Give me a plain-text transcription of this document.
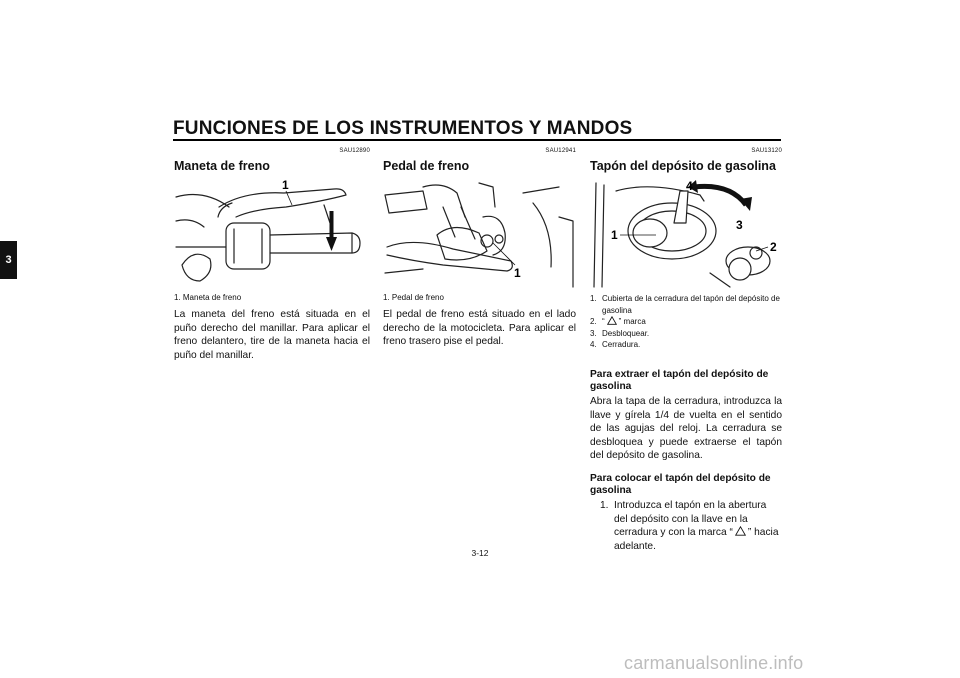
FUNCIONES DE LOS INSTRUMENTOS Y MANDOS
3
SAU12890
Maneta de freno
1
1. Maneta de freno
La maneta del freno está situada en el puño derecho del manillar. Para aplicar el freno delantero, tire de la maneta hacia el puño del manillar.
SAU12941
Pedal de freno
1
1. Pedal de freno
El pedal de freno está situado en el lado derecho de la motocicleta. Para aplicar el freno trasero pise el pedal.
SAU13120
Tapón del depósito de gasolina
1
2
3
4
1. Cubierta de la cerradura del tapón del depósito de gasolina
2. “ ” marca
3. Desbloquear.
4. Cerradura.
Para extraer el tapón del depósito de gasolina
Abra la tapa de la cerradura, introduzca la llave y gírela 1/4 de vuelta en el sentido de las agujas del reloj. La cerradura se desbloquea y puede extraerse el tapón del depósito de gasolina.
Para colocar el tapón del depósito de gasolina
1. Introduzca el tapón en la abertura del depósito con la llave en la cerradura y con la marca “ ” hacia adelante.
3-12
carmanualsonline.info
